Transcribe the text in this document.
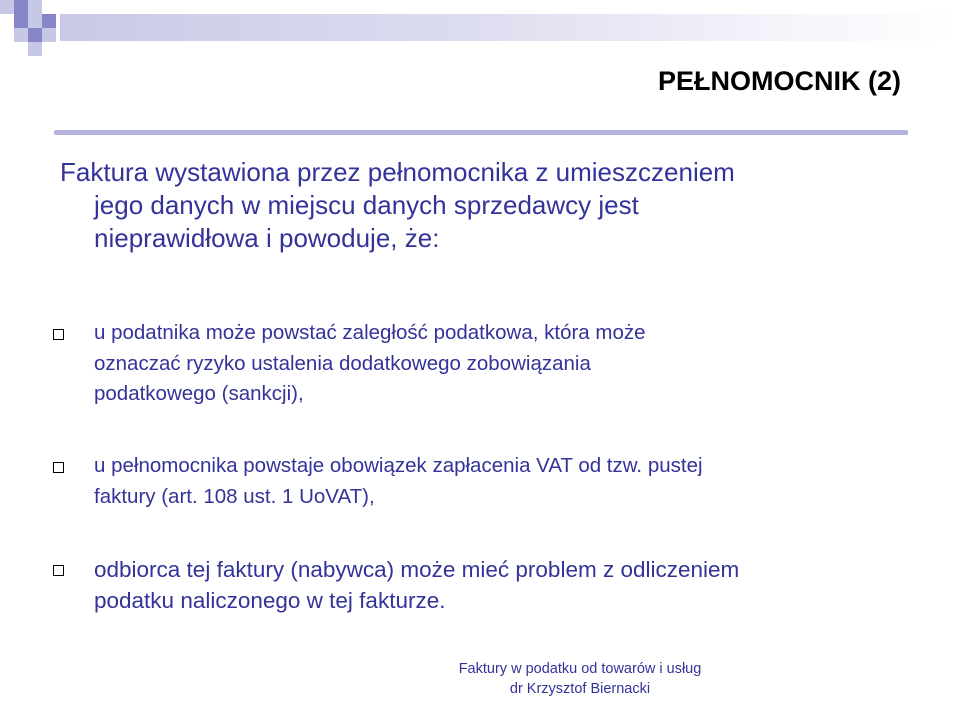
PEŁNOMOCNIK (2)
Faktura wystawiona przez pełnomocnika z umieszczeniem
jego danych w miejscu danych sprzedawcy jest
nieprawidłowa i powoduje, że:
u podatnika może powstać zaległość podatkowa, która może
oznaczać ryzyko ustalenia dodatkowego zobowiązania
podatkowego (sankcji),
u pełnomocnika powstaje obowiązek zapłacenia VAT od tzw. pustej
faktury (art. 108 ust. 1 UoVAT),
odbiorca tej faktury (nabywca) może mieć problem z odliczeniem
podatku naliczonego w tej fakturze.
Faktury w podatku od towarów i usług
dr Krzysztof Biernacki
